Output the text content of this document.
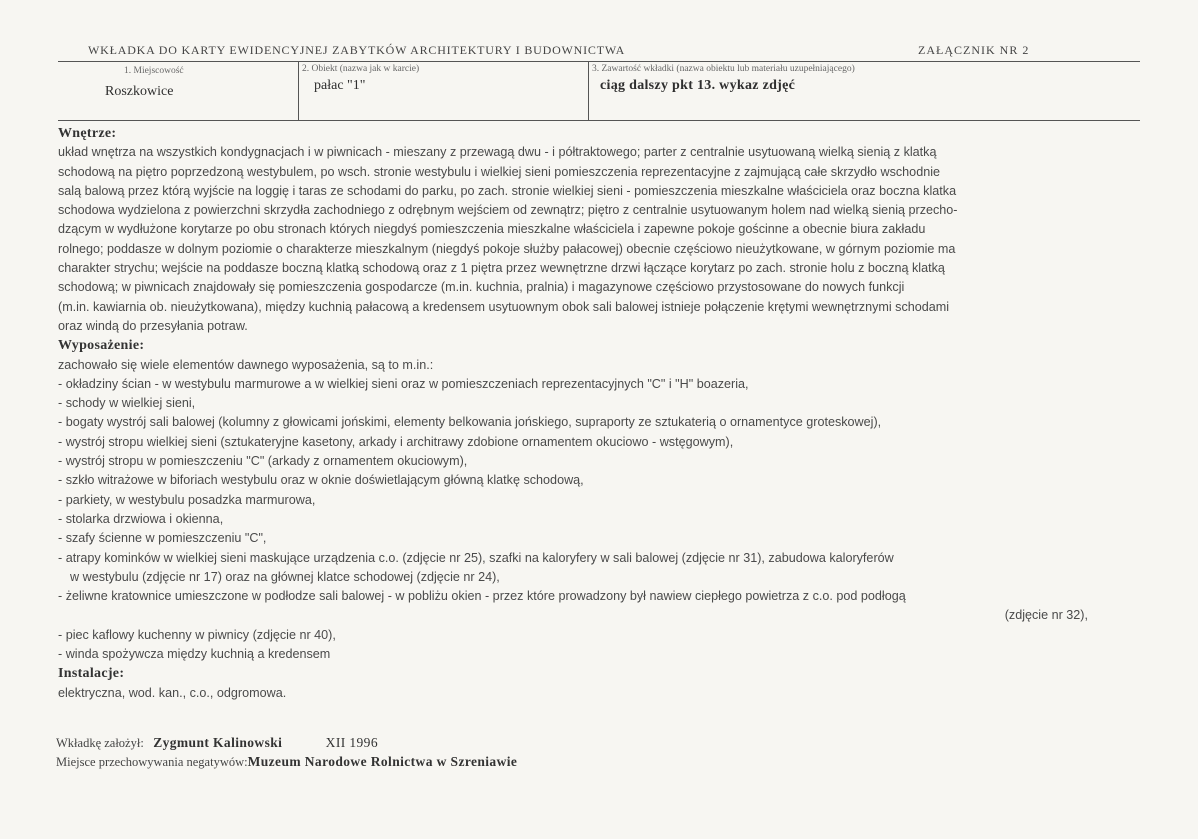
WKŁADKA DO KARTY EWIDENCYJNEJ ZABYTKÓW ARCHITEKTURY I BUDOWNICTWA	ZAŁĄCZNIK NR 2
1. Miejscowość
Roszkowice
2. Obiekt (nazwa jak w karcie)
pałac "1"
3. Zawartość wkładki (nazwa obiektu lub materiału uzupełniającego)
ciąg dalszy pkt 13. wykaz zdjęć
Wnętrze:

układ wnętrza na wszystkich kondygnacjach i w piwnicach - mieszany z przewagą dwu - i półtraktowego; parter z centralnie usytuowaną wielką sienią z klatką

schodową na piętro poprzedzoną westybulem, po wsch. stronie westybulu i wielkiej sieni pomieszczenia reprezentacyjne z zajmującą całe skrzydło wschodnie

salą balową przez którą wyjście na loggię i taras ze schodami do parku, po zach. stronie wielkiej sieni - pomieszczenia mieszkalne właściciela oraz boczna klatka

schodowa wydzielona z powierzchni skrzydła zachodniego z odrębnym wejściem od zewnątrz; piętro z centralnie usytuowanym holem nad wielką sienią przecho-

dzącym w wydłużone korytarze po obu stronach których niegdyś pomieszczenia mieszkalne właściciela i zapewne pokoje gościnne a obecnie biura zakładu

rolnego; poddasze w dolnym poziomie o charakterze mieszkalnym (niegdyś pokoje służby pałacowej) obecnie częściowo nieużytkowane, w górnym poziomie ma

charakter strychu; wejście na poddasze boczną klatką schodową oraz z 1 piętra przez wewnętrzne drzwi łączące korytarz po zach. stronie holu z boczną klatką

schodową; w piwnicach znajdowały się pomieszczenia gospodarcze (m.in. kuchnia, pralnia) i magazynowe częściowo przystosowane do nowych funkcji

(m.in. kawiarnia ob. nieużytkowana), między kuchnią pałacową a kredensem usytuownym obok sali balowej istnieje połączenie krętymi wewnętrznymi schodami

oraz windą do przesyłania potraw.

Wyposażenie:

zachowało się wiele elementów dawnego wyposażenia, są to m.in.:

- okładziny ścian - w westybulu marmurowe a w wielkiej sieni oraz w pomieszczeniach reprezentacyjnych "C" i "H" boazeria,

- schody w wielkiej sieni,

- bogaty wystrój sali balowej (kolumny z głowicami jońskimi, elementy belkowania jońskiego, supraporty ze sztukaterią o ornamentyce groteskowej),

- wystrój stropu wielkiej sieni (sztukateryjne kasetony, arkady i architrawy zdobione ornamentem okuciowo - wstęgowym),

- wystrój stropu w pomieszczeniu "C" (arkady z ornamentem okuciowym),

- szkło witrażowe w biforiach westybulu oraz w oknie doświetlającym główną klatkę schodową,

- parkiety, w westybulu posadzka marmurowa,

- stolarka drzwiowa i okienna,

- szafy ścienne w pomieszczeniu "C",

- atrapy kominków w wielkiej sieni maskujące urządzenia c.o. (zdjęcie nr 25), szafki na kaloryfery w sali balowej (zdjęcie nr 31), zabudowa kaloryferów

w westybulu (zdjęcie nr 17) oraz na głównej klatce schodowej (zdjęcie nr 24),

- żeliwne kratownice umieszczone w podłodze sali balowej - w pobliżu okien - przez które prowadzony był nawiew ciepłego powietrza z c.o. pod podłogą

(zdjęcie nr 32),

- piec kaflowy kuchenny w piwnicy (zdjęcie nr 40),

- winda spożywcza między kuchnią a kredensem

Instalacje:

elektryczna, wod. kan., c.o., odgromowa.

Wkładkę założył: Zygmunt Kalinowski	XII 1996
Miejsce przechowywania negatywów:Muzeum Narodowe Rolnictwa w Szreniawie
